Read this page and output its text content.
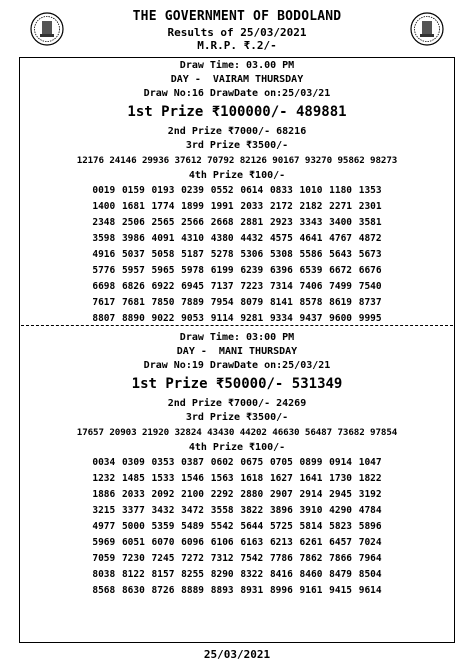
THE GOVERNMENT OF BODOLAND
Results of 25/03/2021
M.R.P. ₹.2/-
Draw Time: 03.00 PM
DAY -  VAIRAM THURSDAY
Draw No:16 DrawDate on:25/03/21
1st Prize ₹100000/- 489881
2nd Prize ₹7000/- 68216
3rd Prize ₹3500/-
12176 24146 29936 37612 70792 82126 90167 93270 95862 98273
4th Prize ₹100/-
0019 0159 0193 0239 0552 0614 0833 1010 1180 1353
1400 1681 1774 1899 1991 2033 2172 2182 2271 2301
2348 2506 2565 2566 2668 2881 2923 3343 3400 3581
3598 3986 4091 4310 4380 4432 4575 4641 4767 4872
4916 5037 5058 5187 5278 5306 5308 5586 5643 5673
5776 5957 5965 5978 6199 6239 6396 6539 6672 6676
6698 6826 6922 6945 7137 7223 7314 7406 7499 7540
7617 7681 7850 7889 7954 8079 8141 8578 8619 8737
8807 8890 9022 9053 9114 9281 9334 9437 9600 9995
Draw Time: 03:00 PM
DAY -  MANI THURSDAY
Draw No:19 DrawDate on:25/03/21
1st Prize ₹50000/- 531349
2nd Prize ₹7000/- 24269
3rd Prize ₹3500/-
17657 20903 21920 32824 43430 44202 46630 56487 73682 97854
4th Prize ₹100/-
0034 0309 0353 0387 0602 0675 0705 0899 0914 1047
1232 1485 1533 1546 1563 1618 1627 1641 1730 1822
1886 2033 2092 2100 2292 2880 2907 2914 2945 3192
3215 3377 3432 3472 3558 3822 3896 3910 4290 4784
4977 5000 5359 5489 5542 5644 5725 5814 5823 5896
5969 6051 6070 6096 6106 6163 6213 6261 6457 7024
7059 7230 7245 7272 7312 7542 7786 7862 7866 7964
8038 8122 8157 8255 8290 8322 8416 8460 8479 8504
8568 8630 8726 8889 8893 8931 8996 9161 9415 9614
25/03/2021
